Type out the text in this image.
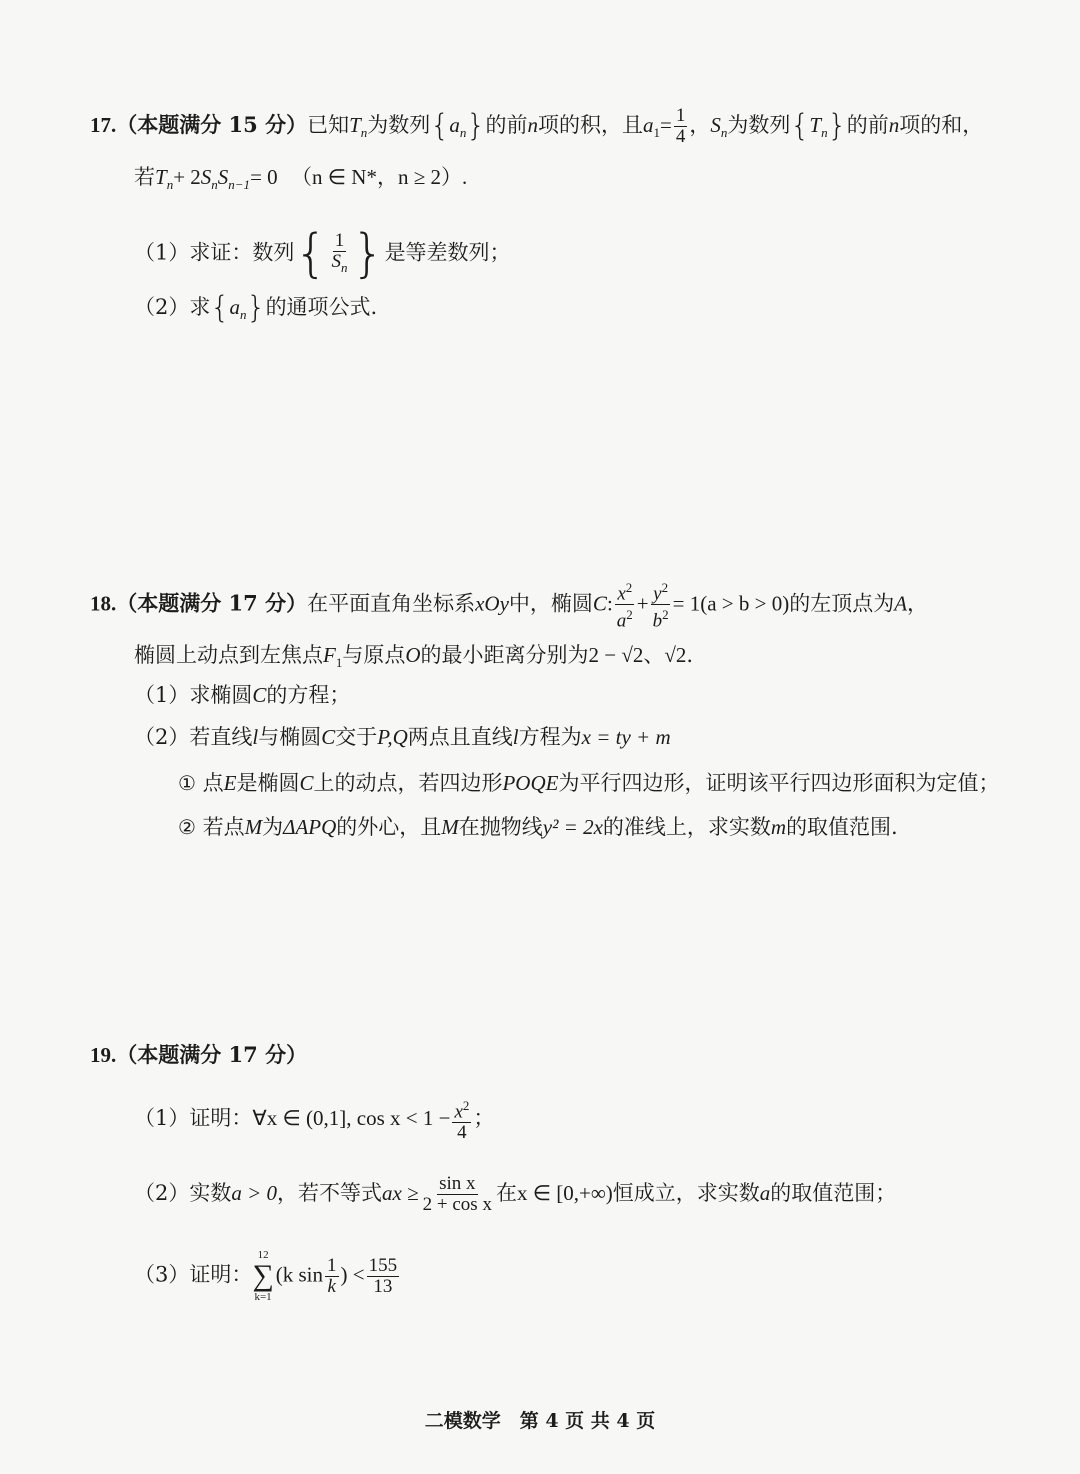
17.（本题满分 15 分）已知$T_n$为数列$\{a_n\}$的前n项的积，且$a_1= \frac{1}{4}$ ，$S_n$为数列$\{T_n\}$的前n项的和，
若$T_n+ 2S_nS_{n-1}= 0$ （n ∈ N*，n ≥ 2）.
（1）求证：数列{ $\frac{1}{S_n}$ }是等差数列；
（2）求$\{a_n\}$的通项公式.
18.（本题满分 17 分）在平面直角坐标系xOy中，椭圆C: $\frac{x^2}{a^2} + \frac{y^2}{b^2} = 1(a > b > 0)$的左顶点为A，
椭圆上动点到左焦点$F_1$与原点O的最小距离分别为2 − √2、√2.
（1）求椭圆C的方程；
（2）若直线l与椭圆C交于P,Q两点且直线l方程为x = ty + m
① 点E是椭圆C上的动点，若四边形POQE为平行四边形，证明该平行四边形面积为定值；
② 若点M为ΔAPQ的外心，且M在抛物线y² = 2x的准线上，求实数m的取值范围.
19.（本题满分 17 分）
（1）证明：∀x ∈ (0,1], $\cos x < 1 - \frac{x^2}{4}$ ；
（2）实数a > 0，若不等式ax ≥ $\frac{\text{sin x}}{\text{2 + cos x}}$ 在x ∈ [0,+∞)恒成立，求实数a的取值范围；
（3）证明：
12
∑
k=1
(k $\sin \frac{1}{k}$ ) < $\frac{155}{13}$
二模数学　第 4 页 共 4 页
